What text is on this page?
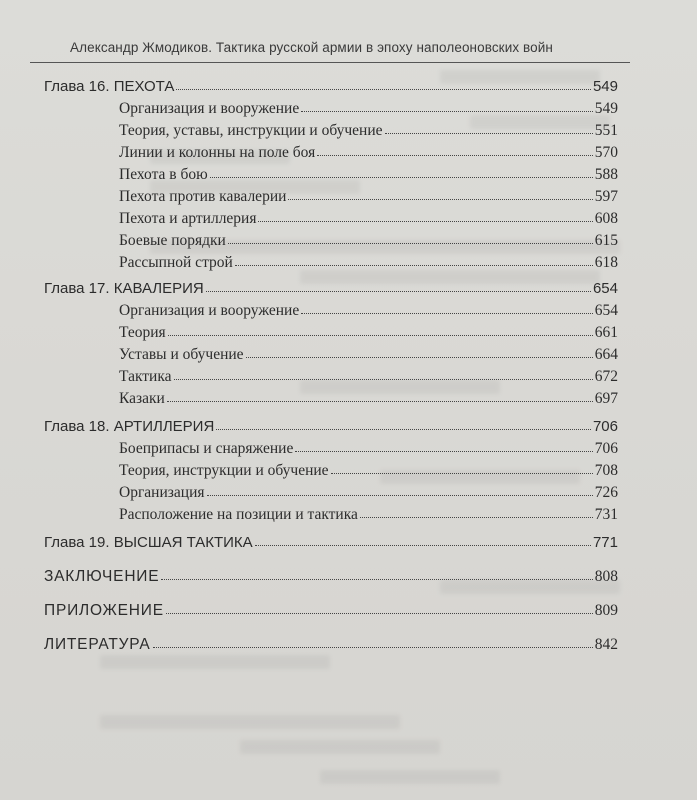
Александр Жмодиков. Тактика русской армии в эпоху наполеоновских войн
Глава 16. ПЕХОТА	549
Организация и вооружение	549
Теория, уставы, инструкции и обучение	551
Линии и колонны на поле боя	570
Пехота в бою	588
Пехота против кавалерии	597
Пехота и артиллерия	608
Боевые порядки	615
Рассыпной строй	618
Глава 17. КАВАЛЕРИЯ	654
Организация и вооружение	654
Теория	661
Уставы и обучение	664
Тактика	672
Казаки	697
Глава 18. АРТИЛЛЕРИЯ	706
Боеприпасы и снаряжение	706
Теория, инструкции и обучение	708
Организация	726
Расположение на позиции и тактика	731
Глава 19. ВЫСШАЯ ТАКТИКА	771
ЗАКЛЮЧЕНИЕ	808
ПРИЛОЖЕНИЕ	809
ЛИТЕРАТУРА	842
